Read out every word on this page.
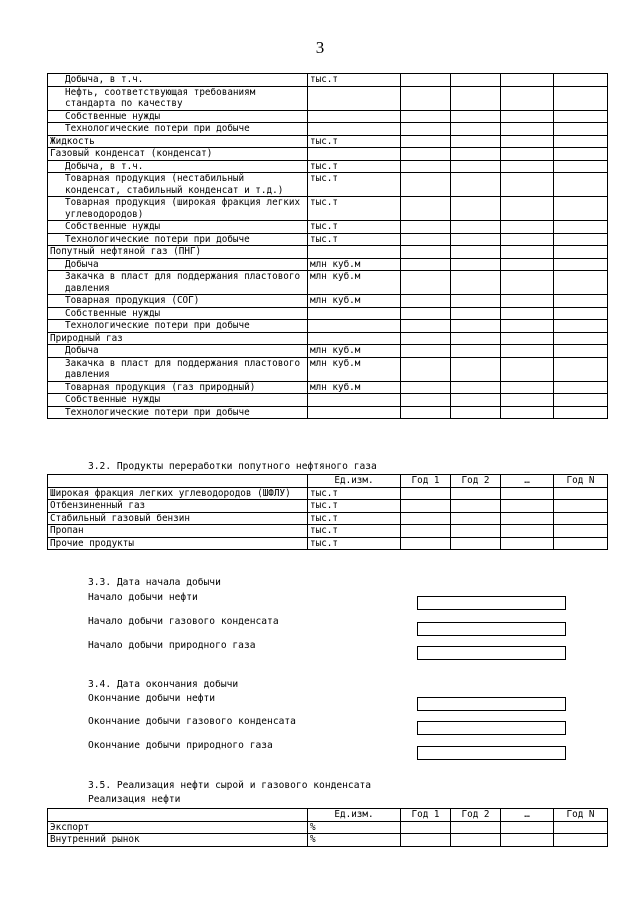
3
Добыча, в т.ч.	тыс.т				
Нефть, соответствующая требованиям стандарта по качеству					
Собственные нужды					
Технологические потери при добыче					
Жидкость	тыс.т				
Газовый конденсат (конденсат)					
Добыча, в т.ч.	тыс.т				
Товарная продукция (нестабильный конденсат, стабильный конденсат и т.д.)	тыс.т				
Товарная продукция (широкая фракция легких углеводородов)	тыс.т				
Собственные нужды	тыс.т				
Технологические потери при добыче	тыс.т				
Попутный нефтяной газ (ПНГ)					
Добыча	млн куб.м				
Закачка в пласт для поддержания пластового давления	млн куб.м				
Товарная продукция (СОГ)	млн куб.м				
Собственные нужды					
Технологические потери при добыче					
Природный газ					
Добыча	млн куб.м				
Закачка в пласт для поддержания пластового давления	млн куб.м				
Товарная продукция (газ природный)	млн куб.м				
Собственные нужды					
Технологические потери при добыче					
3.2. Продукты переработки попутного нефтяного газа
	Ед.изм.	Год 1	Год 2	…	Год N
Широкая фракция легких углеводородов (ШФЛУ)	тыс.т				
Отбензиненный газ	тыс.т				
Стабильный газовый бензин	тыс.т				
Пропан	тыс.т				
Прочие продукты	тыс.т				
3.3. Дата начала добычи
Начало добычи нефти
Начало добычи газового конденсата
Начало добычи природного газа
3.4. Дата окончания добычи
Окончание добычи нефти
Окончание добычи газового конденсата
Окончание добычи природного газа
3.5. Реализация нефти сырой и газового конденсата
Реализация нефти
	Ед.изм.	Год 1	Год 2	…	Год N
Экспорт	%				
Внутренний рынок	%				
